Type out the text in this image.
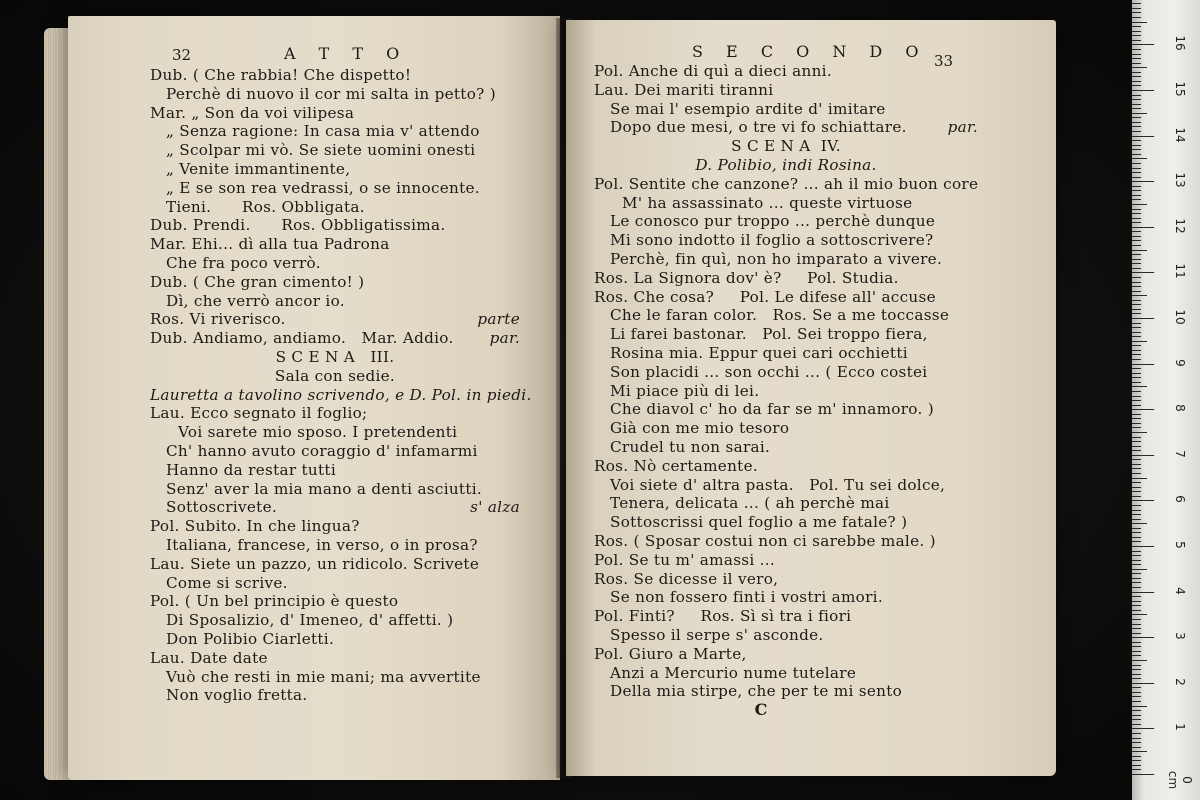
32	A T T O
Dub. ( Che rabbia! Che dispetto!
Perchè di nuovo il cor mi salta in petto? )
Mar. „ Son da voi vilipesa
„ Senza ragione: In casa mia v' attendo
„ Scolpar mi vò. Se siete uomini onesti
„ Venite immantinente,
„ E se son rea vedrassi, o se innocente.
Tieni.      Ros. Obbligata.
Dub. Prendi.      Ros. Obbligatissima.
Mar. Ehi... dì alla tua Padrona
Che fra poco verrò.
Dub. ( Che gran cimento! )
Dì, che verrò ancor io.
parte
Ros. Vi riverisco.
par.
Dub. Andiamo, andiamo.   Mar. Addio.
S C E N A   III.
Sala con sedie.
Lauretta a tavolino scrivendo, e D. Pol. in piedi.
Lau. Ecco segnato il foglio;
Voi sarete mio sposo. I pretendenti
Ch' hanno avuto coraggio d' infamarmi
Hanno da restar tutti
Senz' aver la mia mano a denti asciutti.
s' alza
Sottoscrivete.
Pol. Subito. In che lingua?
Italiana, francese, in verso, o in prosa?
Lau. Siete un pazzo, un ridicolo. Scrivete
Come si scrive.
Pol. ( Un bel principio è questo
Di Sposalizio, d' Imeneo, d' affetti. )
Don Polibio Ciarletti.
Lau. Date date
Vuò che resti in mie mani; ma avvertite
Non voglio fretta.
S E C O N D O 33
Pol. Anche di quì a dieci anni.
Lau. Dei mariti tiranni
Se mai l' esempio ardite d' imitare
par.
Dopo due mesi, o tre vi fo schiattare.
S C E N A  IV.
D. Polibio, indi Rosina.
Pol. Sentite che canzone? ... ah il mio buon core
M' ha assassinato ... queste virtuose
Le conosco pur troppo ... perchè dunque
Mi sono indotto il foglio a sottoscrivere?
Perchè, fin quì, non ho imparato a vivere.
Ros. La Signora dov' è?     Pol. Studia.
Ros. Che cosa?     Pol. Le difese all' accuse
Che le faran color.   Ros. Se a me toccasse
Li farei bastonar.   Pol. Sei troppo fiera,
Rosina mia. Eppur quei cari occhietti
Son placidi ... son occhi ... ( Ecco costei
Mi piace più di lei.
Che diavol c' ho da far se m' innamoro. )
Già con me mio tesoro
Crudel tu non sarai.
Ros. Nò certamente.
Voi siete d' altra pasta.   Pol. Tu sei dolce,
Tenera, delicata ... ( ah perchè mai
Sottoscrissi quel foglio a me fatale? )
Ros. ( Sposar costui non ci sarebbe male. )
Pol. Se tu m' amassi ...
Ros. Se dicesse il vero,
Se non fossero finti i vostri amori.
Pol. Finti?     Ros. Sì sì tra i fiori
Spesso il serpe s' asconde.
Pol. Giuro a Marte,
Anzi a Mercurio nume tutelare
Della mia stirpe, che per te mi sento
C
0 cm
1
2
3
4
5
6
7
8
9
10
11
12
13
14
15
16
